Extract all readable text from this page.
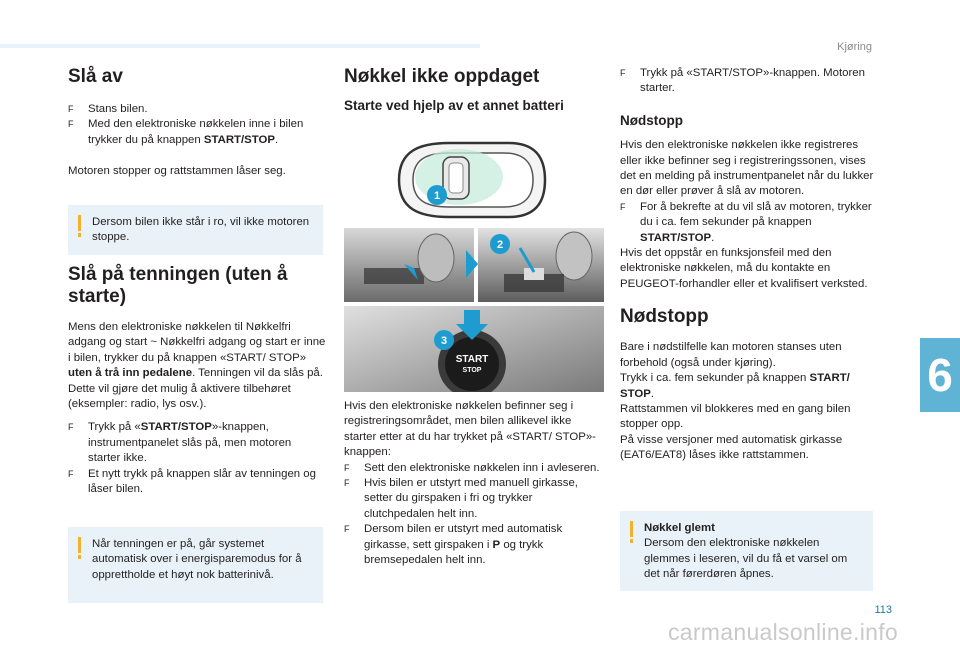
Kjøring
6
113
carmanualsonline.info
Slå av
F	Stans bilen.
F	Med den elektroniske nøkkelen inne i bilen trykker du på knappen START/STOP.

Motoren stopper og rattstammen låser seg.

Dersom bilen ikke står i ro, vil ikke motoren stoppe.
Slå på tenningen (uten å starte)

Mens den elektroniske nøkkelen til Nøkkelfri adgang og start ~ Nøkkelfri adgang og start er inne i bilen, trykker du på knappen «START/ STOP» uten å trå inn pedalene. Tenningen vil da slås på.

Dette vil gjøre det mulig å aktivere tilbehøret (eksempler: radio, lys osv.).

F	Trykk på «START/STOP»-knappen, instrumentpanelet slås på, men motoren starter ikke.
F	Et nytt trykk på knappen slår av tenningen og låser bilen.
Når tenningen er på, går systemet automatisk over i energisparemodus for å opprettholde et høyt nok batterinivå.
Nøkkel ikke oppdaget
Starte ved hjelp av et annet batteri
1
2
START
STOP
3

Hvis den elektroniske nøkkelen befinner seg i registreringsområdet, men bilen allikevel ikke starter etter at du har trykket på «START/ STOP»-knappen:

F	Sett den elektroniske nøkkelen inn i avleseren.
F	Hvis bilen er utstyrt med manuell girkasse, setter du girspaken i fri og trykker clutchpedalen helt inn.
F	Dersom bilen er utstyrt med automatisk girkasse, sett girspaken i P og trykk bremsepedalen helt inn.
F	Trykk på «START/STOP»-knappen. Motoren starter.
Nødstopp

Hvis den elektroniske nøkkelen ikke registreres eller ikke befinner seg i registreringssonen, vises det en melding på instrumentpanelet når du lukker en dør eller prøver å slå av motoren.

F	For å bekrefte at du vil slå av motoren, trykker du i ca. fem sekunder på knappen START/STOP.

Hvis det oppstår en funksjonsfeil med den elektroniske nøkkelen, må du kontakte en PEUGEOT-forhandler eller et kvalifisert verksted.

Nødstopp

Bare i nødstilfelle kan motoren stanses uten forbehold (også under kjøring).

Trykk i ca. fem sekunder på knappen START/ STOP.

Rattstammen vil blokkeres med en gang bilen stopper opp.

På visse versjoner med automatisk girkasse (EAT6/EAT8) låses ikke rattstammen.

Nøkkel glemt
Dersom den elektroniske nøkkelen glemmes i leseren, vil du få et varsel om det når førerdøren åpnes.
